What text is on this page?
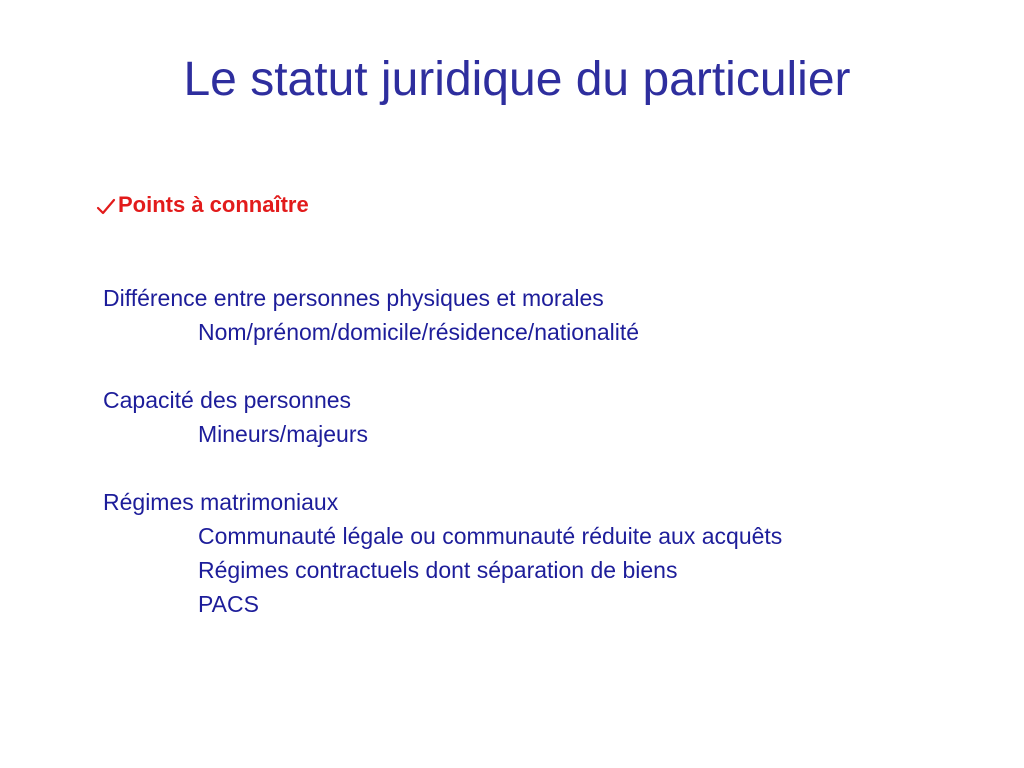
Le statut juridique du particulier
Points à connaître
Différence entre personnes physiques et morales
Nom/prénom/domicile/résidence/nationalité
Capacité des personnes
Mineurs/majeurs
Régimes matrimoniaux
Communauté légale ou communauté réduite aux acquêts
Régimes contractuels dont séparation de biens
PACS
